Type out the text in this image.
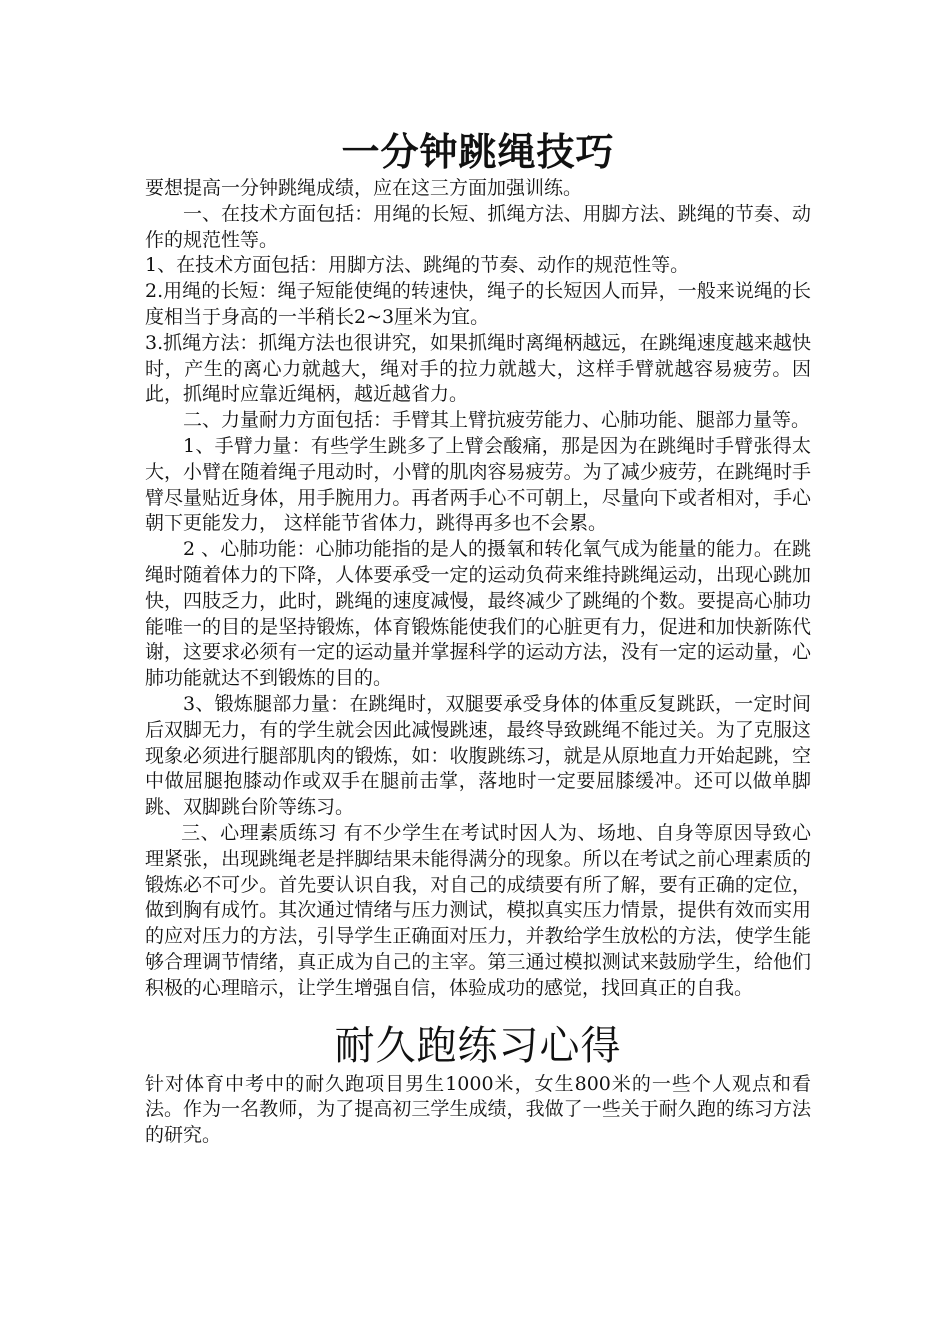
一分钟跳绳技巧

要想提高一分钟跳绳成绩，应在这三方面加强训练。

一、在技术方面包括：用绳的长短、抓绳方法、用脚方法、跳绳的节奏、动作的规范性等。

1、在技术方面包括：用脚方法、跳绳的节奏、动作的规范性等。

2.用绳的长短：绳子短能使绳的转速快，绳子的长短因人而异，一般来说绳的长度相当于身高的一半稍长2~3厘米为宜。

3.抓绳方法：抓绳方法也很讲究，如果抓绳时离绳柄越远，在跳绳速度越来越快时，产生的离心力就越大，绳对手的拉力就越大，这样手臂就越容易疲劳。因此，抓绳时应靠近绳柄，越近越省力。

二、力量耐力方面包括：手臂其上臂抗疲劳能力、心肺功能、腿部力量等。

1、手臂力量：有些学生跳多了上臂会酸痛，那是因为在跳绳时手臂张得太大，小臂在随着绳子甩动时，小臂的肌肉容易疲劳。为了减少疲劳，在跳绳时手臂尽量贴近身体，用手腕用力。再者两手心不可朝上，尽量向下或者相对，手心朝下更能发力， 这样能节省体力，跳得再多也不会累。

2 、心肺功能：心肺功能指的是人的摄氧和转化氧气成为能量的能力。在跳绳时随着体力的下降，人体要承受一定的运动负荷来维持跳绳运动，出现心跳加快，四肢乏力，此时，跳绳的速度减慢，最终减少了跳绳的个数。要提高心肺功能唯一的目的是坚持锻炼，体育锻炼能使我们的心脏更有力，促进和加快新陈代谢，这要求必须有一定的运动量并掌握科学的运动方法，没有一定的运动量，心肺功能就达不到锻炼的目的。

3、锻炼腿部力量：在跳绳时，双腿要承受身体的体重反复跳跃，一定时间后双脚无力，有的学生就会因此减慢跳速，最终导致跳绳不能过关。为了克服这现象必须进行腿部肌肉的锻炼，如：收腹跳练习，就是从原地直力开始起跳，空中做屈腿抱膝动作或双手在腿前击掌，落地时一定要屈膝缓冲。还可以做单脚跳、双脚跳台阶等练习。

三、心理素质练习 有不少学生在考试时因人为、场地、自身等原因导致心理紧张，出现跳绳老是拌脚结果未能得满分的现象。所以在考试之前心理素质的锻炼必不可少。首先要认识自我，对自己的成绩要有所了解，要有正确的定位，做到胸有成竹。其次通过情绪与压力测试，模拟真实压力情景，提供有效而实用的应对压力的方法，引导学生正确面对压力，并教给学生放松的方法，使学生能够合理调节情绪，真正成为自己的主宰。第三通过模拟测试来鼓励学生，给他们积极的心理暗示，让学生增强自信，体验成功的感觉，找回真正的自我。

耐久跑练习心得

针对体育中考中的耐久跑项目男生1000米，女生800米的一些个人观点和看法。作为一名教师，为了提高初三学生成绩，我做了一些关于耐久跑的练习方法的研究。
